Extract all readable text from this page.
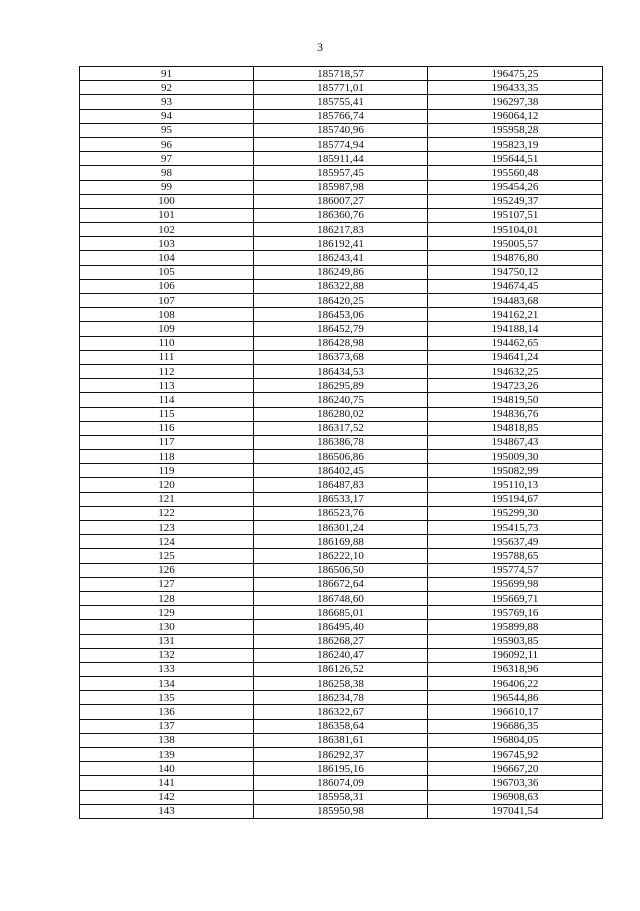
3
91	185718,57	196475,25
92	185771,01	196433,35
93	185755,41	196297,38
94	185766,74	196064,12
95	185740,96	195958,28
96	185774,94	195823,19
97	185911,44	195644,51
98	185957,45	195560,48
99	185987,98	195454,26
100	186007,27	195249,37
101	186360,76	195107,51
102	186217,83	195104,01
103	186192,41	195005,57
104	186243,41	194876,80
105	186249,86	194750,12
106	186322,88	194674,45
107	186420,25	194483,68
108	186453,06	194162,21
109	186452,79	194188,14
110	186428,98	194462,65
111	186373,68	194641,24
112	186434,53	194632,25
113	186295,89	194723,26
114	186240,75	194819,50
115	186280,02	194836,76
116	186317,52	194818,85
117	186386,78	194867,43
118	186506,86	195009,30
119	186402,45	195082,99
120	186487,83	195110,13
121	186533,17	195194,67
122	186523,76	195299,30
123	186301,24	195415,73
124	186169,88	195637,49
125	186222,10	195788,65
126	186506,50	195774,57
127	186672,64	195699,98
128	186748,60	195669,71
129	186685,01	195769,16
130	186495,40	195899,88
131	186268,27	195903,85
132	186240,47	196092,11
133	186126,52	196318,96
134	186258,38	196406,22
135	186234,78	196544,86
136	186322,67	196610,17
137	186358,64	196686,35
138	186381,61	196804,05
139	186292,37	196745,92
140	186195,16	196667,20
141	186074,09	196703,36
142	185958,31	196908,63
143	185950,98	197041,54
